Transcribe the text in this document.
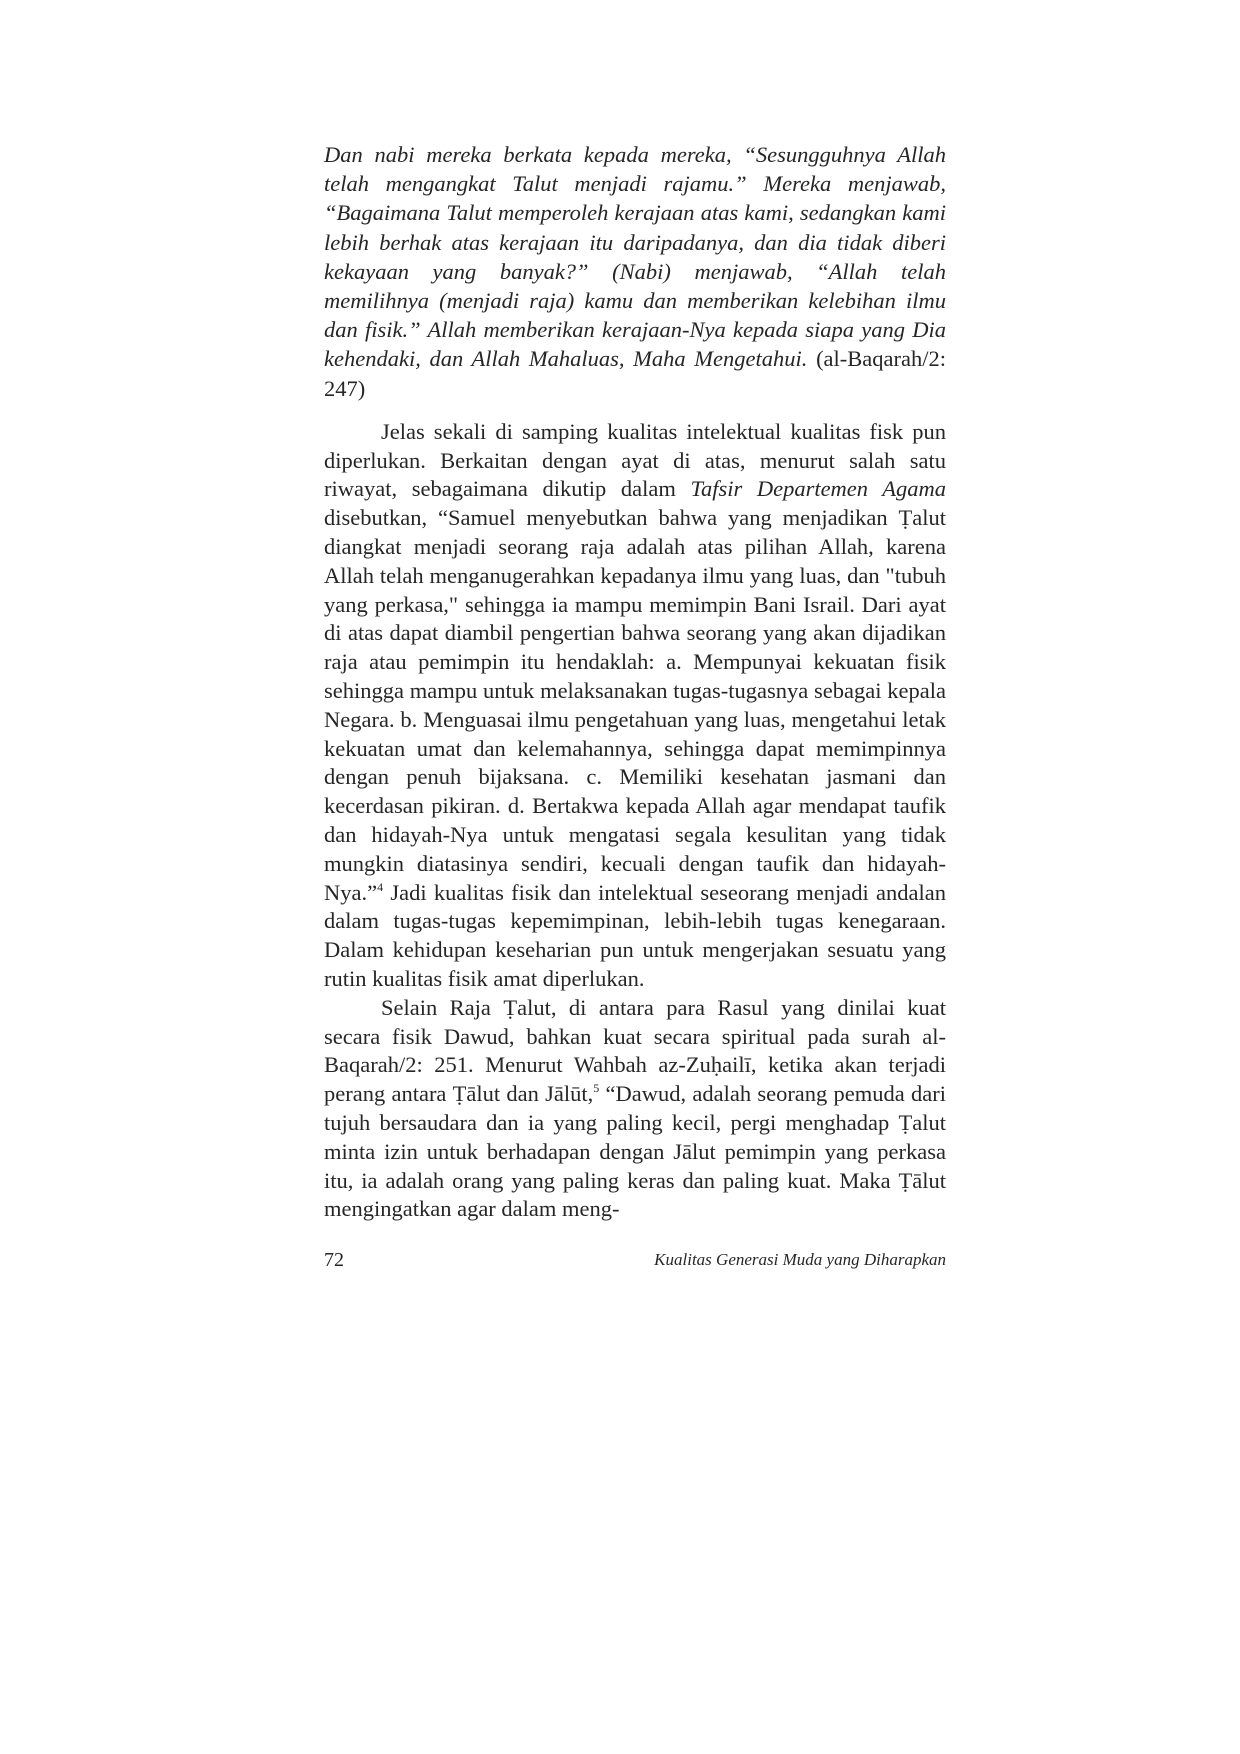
Dan nabi mereka berkata kepada mereka, “Sesungguhnya Allah telah mengangkat Talut menjadi rajamu.” Mereka menjawab, “Bagaimana Talut memperoleh kerajaan atas kami, sedangkan kami lebih berhak atas kerajaan itu daripadanya, dan dia tidak diberi kekayaan yang banyak?” (Nabi) menjawab, “Allah telah memilihnya (menjadi raja) kamu dan memberikan kelebihan ilmu dan fisik.” Allah memberikan kerajaan-Nya kepada siapa yang Dia kehendaki, dan Allah Mahaluas, Maha Mengetahui. (al-Baqarah/2: 247)

Jelas sekali di samping kualitas intelektual kualitas fisk pun diperlukan. Berkaitan dengan ayat di atas, menurut salah satu riwayat, sebagaimana dikutip dalam Tafsir Departemen Agama disebutkan, “Samuel menyebutkan bahwa yang menjadikan Ṭalut diangkat menjadi seorang raja adalah atas pilihan Allah, karena Allah telah menganugerahkan kepadanya ilmu yang luas, dan "tubuh yang perkasa," sehingga ia mampu memimpin Bani Israil. Dari ayat di atas dapat diambil pengertian bahwa seorang yang akan dijadikan raja atau pemimpin itu hendaklah: a. Mempunyai kekuatan fisik sehingga mampu untuk melaksanakan tugas-tugasnya sebagai kepala Negara. b. Menguasai ilmu pengetahuan yang luas, mengetahui letak kekuatan umat dan kelemahannya, sehingga dapat memimpinnya dengan penuh bijaksana. c. Memiliki kesehatan jasmani dan kecerdasan pikiran. d. Bertakwa kepada Allah agar mendapat taufik dan hidayah-Nya untuk mengatasi segala kesulitan yang tidak mungkin diatasinya sendiri, kecuali dengan taufik dan hidayah-Nya.”$^4$ Jadi kualitas fisik dan intelektual seseorang menjadi andalan dalam tugas-tugas kepemimpinan, lebih-lebih tugas kenegaraan. Dalam kehidupan keseharian pun untuk mengerjakan sesuatu yang rutin kualitas fisik amat diperlukan.

Selain Raja Ṭalut, di antara para Rasul yang dinilai kuat secara fisik Dawud, bahkan kuat secara spiritual pada surah al-Baqarah/2: 251. Menurut Wahbah az-Zuḥailī, ketika akan terjadi perang antara Ṭālut dan Jālūt,$^5$ “Dawud, adalah seorang pemuda dari tujuh bersaudara dan ia yang paling kecil, pergi menghadap Ṭalut minta izin untuk berhadapan dengan Jālut pemimpin yang perkasa itu, ia adalah orang yang paling keras dan paling kuat. Maka Ṭālut mengingatkan agar dalam meng-

72	Kualitas Generasi Muda yang Diharapkan
